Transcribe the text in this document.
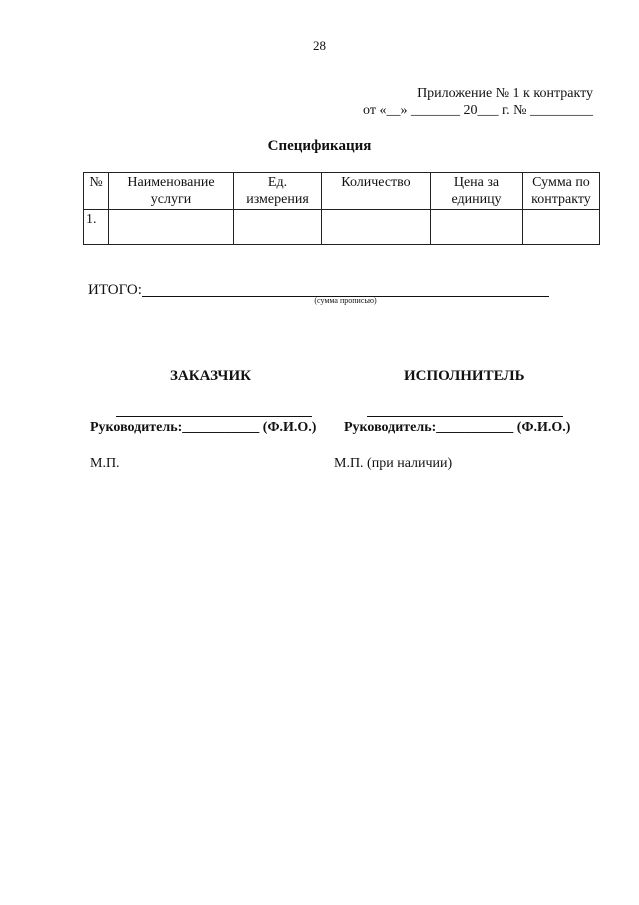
28
Приложение № 1 к контракту
от «__» _______ 20___ г. № _________
Спецификация
№	Наименование услуги	Ед. измерения	Количество	Цена за единицу	Сумма по контракту
1.					
ИТОГО:
(сумма прописью)
ЗАКАЗЧИК	ИСПОЛНИТЕЛЬ
Руководитель:___________ (Ф.И.О.) Руководитель:___________ (Ф.И.О.)
М.П.	М.П. (при наличии)
